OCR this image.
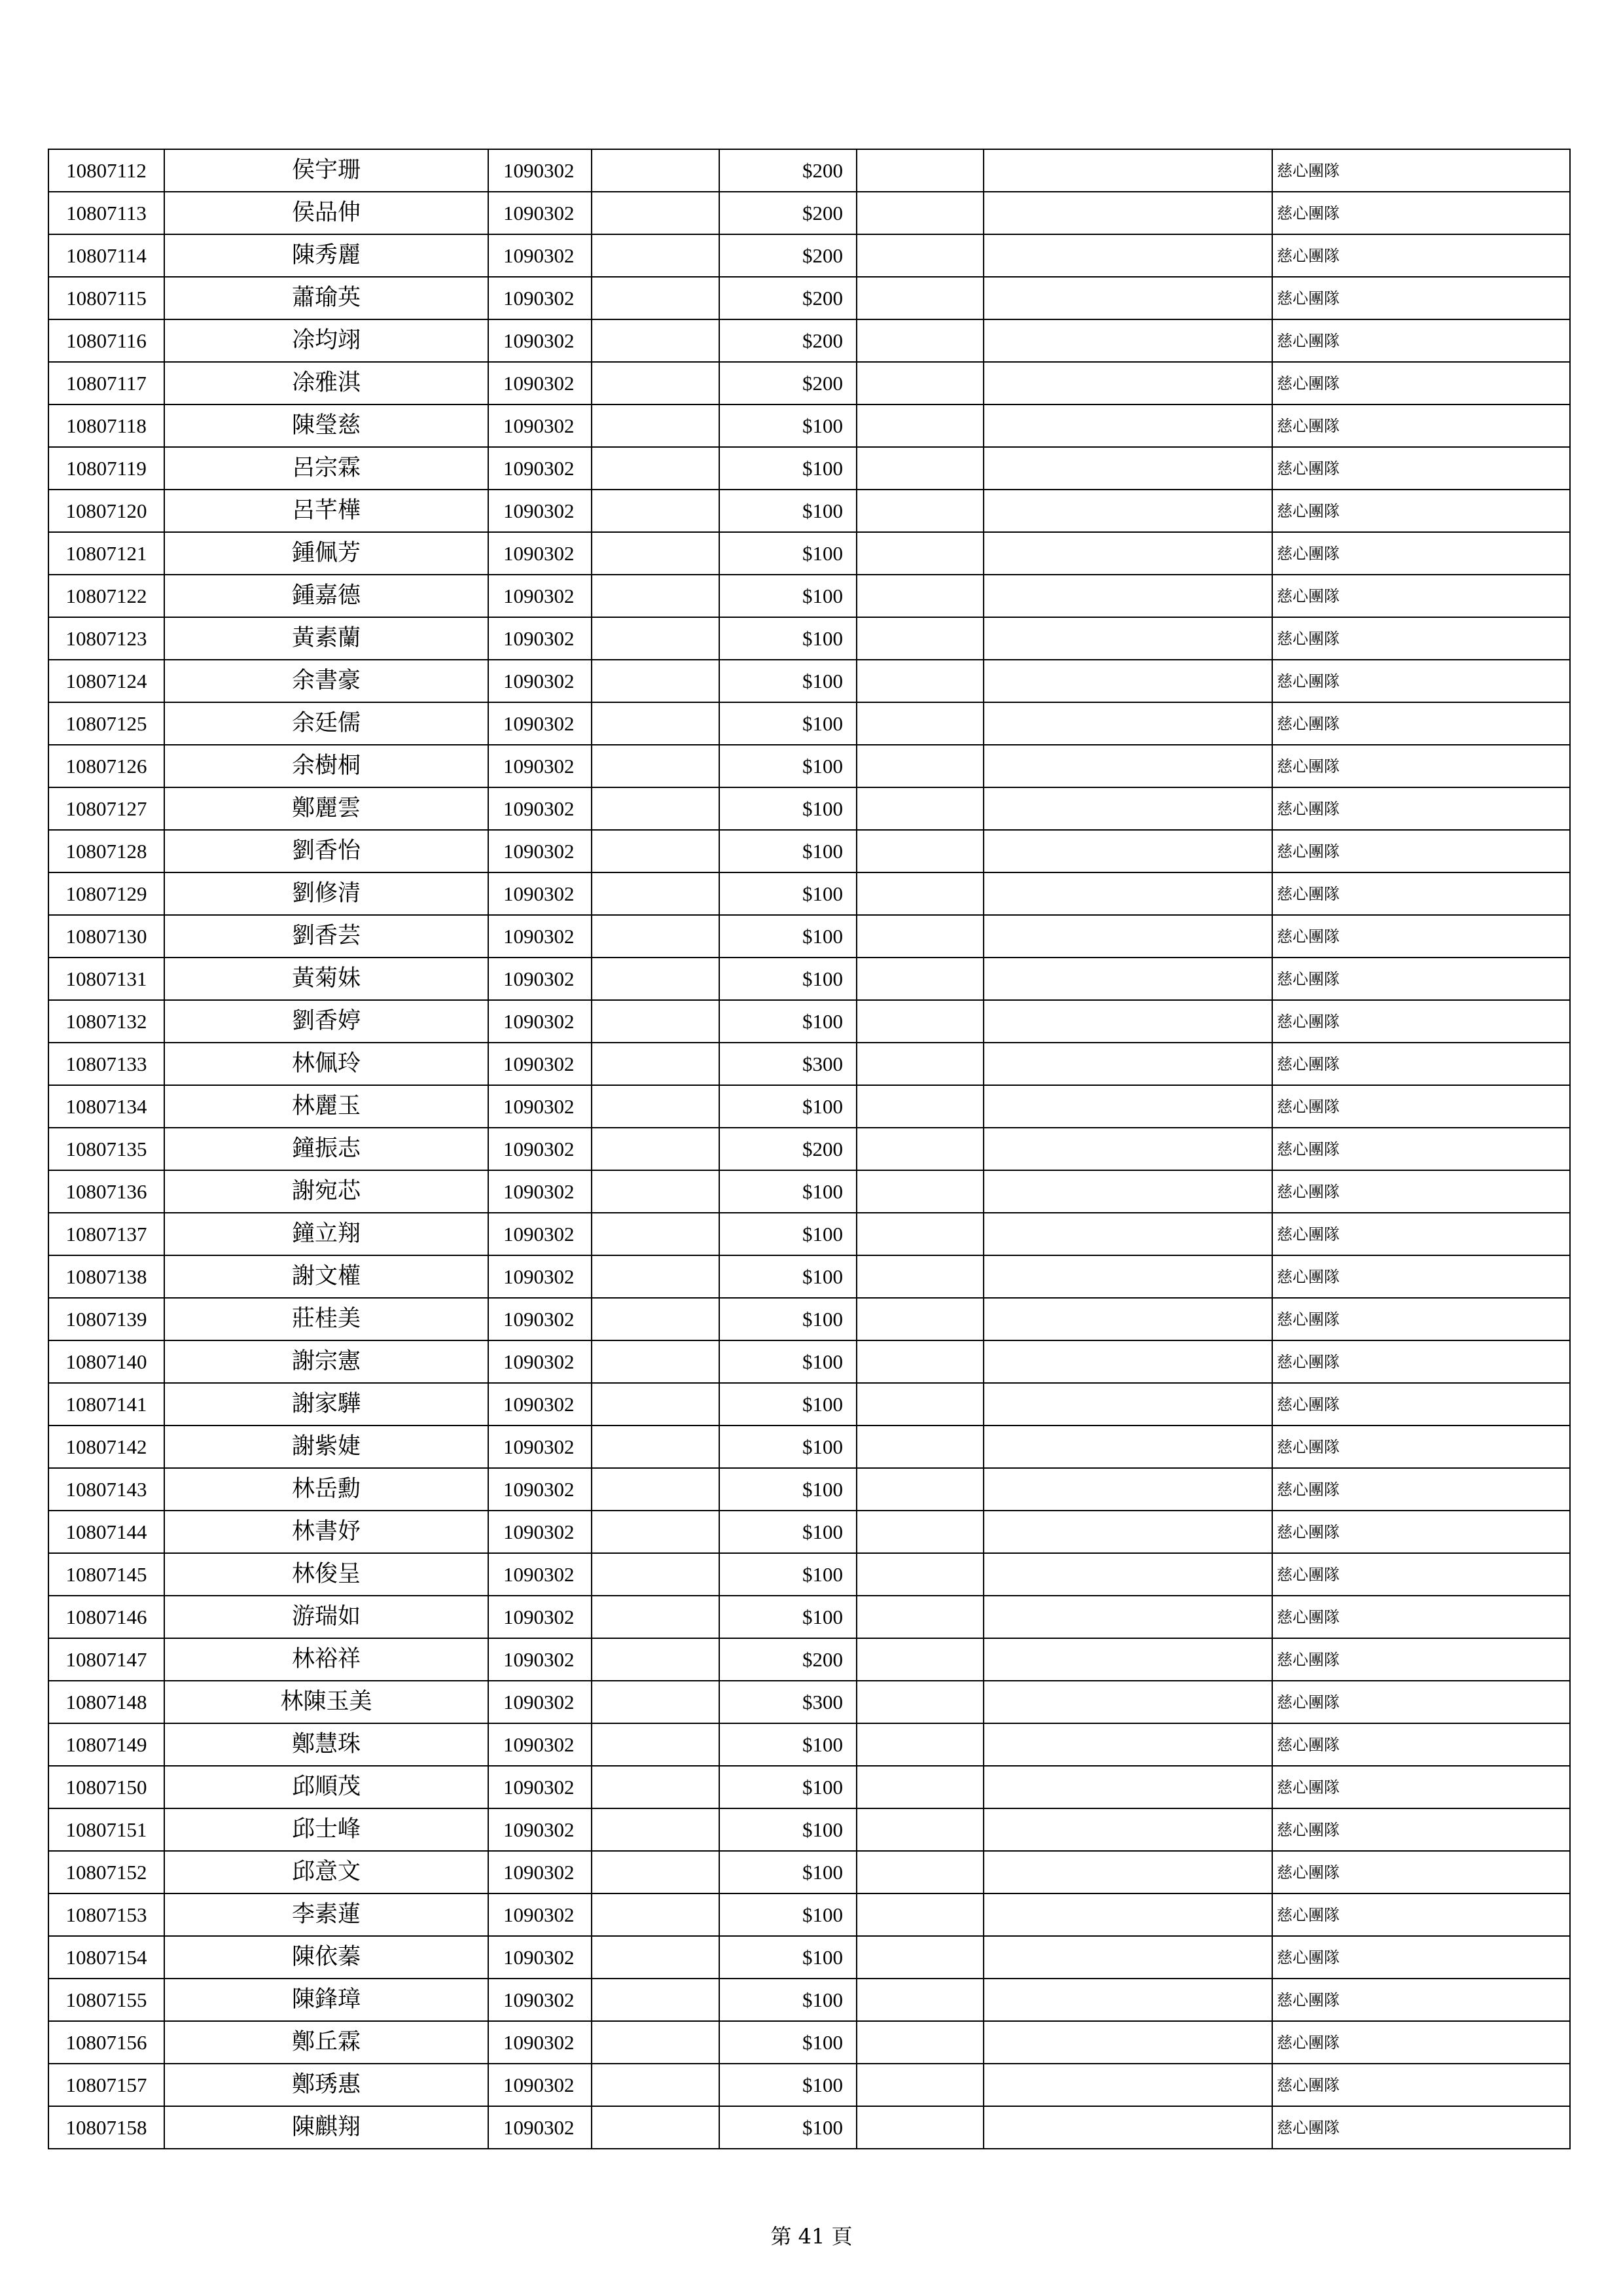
10807112	侯宇珊	1090302		$200			慈心團隊
10807113	侯品伸	1090302		$200			慈心團隊
10807114	陳秀麗	1090302		$200			慈心團隊
10807115	蕭瑜英	1090302		$200			慈心團隊
10807116	凃均翊	1090302		$200			慈心團隊
10807117	凃雅淇	1090302		$200			慈心團隊
10807118	陳瑩慈	1090302		$100			慈心團隊
10807119	呂宗霖	1090302		$100			慈心團隊
10807120	呂芊樺	1090302		$100			慈心團隊
10807121	鍾佩芳	1090302		$100			慈心團隊
10807122	鍾嘉德	1090302		$100			慈心團隊
10807123	黃素蘭	1090302		$100			慈心團隊
10807124	余書豪	1090302		$100			慈心團隊
10807125	余廷儒	1090302		$100			慈心團隊
10807126	余樹桐	1090302		$100			慈心團隊
10807127	鄭麗雲	1090302		$100			慈心團隊
10807128	劉香怡	1090302		$100			慈心團隊
10807129	劉修清	1090302		$100			慈心團隊
10807130	劉香芸	1090302		$100			慈心團隊
10807131	黃菊妹	1090302		$100			慈心團隊
10807132	劉香婷	1090302		$100			慈心團隊
10807133	林佩玲	1090302		$300			慈心團隊
10807134	林麗玉	1090302		$100			慈心團隊
10807135	鐘振志	1090302		$200			慈心團隊
10807136	謝宛芯	1090302		$100			慈心團隊
10807137	鐘立翔	1090302		$100			慈心團隊
10807138	謝文權	1090302		$100			慈心團隊
10807139	莊桂美	1090302		$100			慈心團隊
10807140	謝宗憲	1090302		$100			慈心團隊
10807141	謝家驊	1090302		$100			慈心團隊
10807142	謝紫婕	1090302		$100			慈心團隊
10807143	林岳勳	1090302		$100			慈心團隊
10807144	林書妤	1090302		$100			慈心團隊
10807145	林俊呈	1090302		$100			慈心團隊
10807146	游瑞如	1090302		$100			慈心團隊
10807147	林裕祥	1090302		$200			慈心團隊
10807148	林陳玉美	1090302		$300			慈心團隊
10807149	鄭慧珠	1090302		$100			慈心團隊
10807150	邱順茂	1090302		$100			慈心團隊
10807151	邱士峰	1090302		$100			慈心團隊
10807152	邱意文	1090302		$100			慈心團隊
10807153	李素蓮	1090302		$100			慈心團隊
10807154	陳依蓁	1090302		$100			慈心團隊
10807155	陳鋒璋	1090302		$100			慈心團隊
10807156	鄭丘霖	1090302		$100			慈心團隊
10807157	鄭琇惠	1090302		$100			慈心團隊
10807158	陳麒翔	1090302		$100			慈心團隊
第 41 頁
